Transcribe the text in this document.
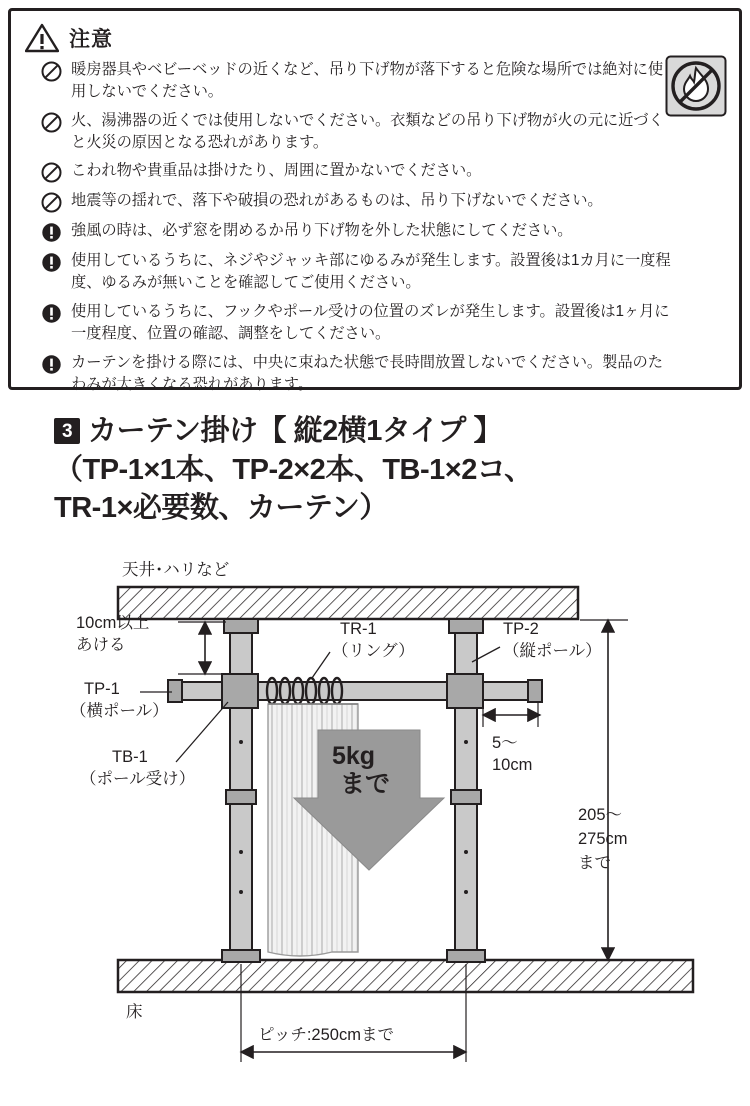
注意
暖房器具やベビーベッドの近くなど、吊り下げ物が落下すると危険な場所では絶対に使用しないでください。
火、湯沸器の近くでは使用しないでください。衣類などの吊り下げ物が火の元に近づくと火災の原因となる恐れがあります。
こわれ物や貴重品は掛けたり、周囲に置かないでください。
地震等の揺れで、落下や破損の恐れがあるものは、吊り下げないでください。
強風の時は、必ず窓を閉めるか吊り下げ物を外した状態にしてください。
使用しているうちに、ネジやジャッキ部にゆるみが発生します。設置後は1カ月に一度程度、ゆるみが無いことを確認してご使用ください。
使用しているうちに、フックやポール受けの位置のズレが発生します。設置後は1ヶ月に一度程度、位置の確認、調整をしてください。
カーテンを掛ける際には、中央に束ねた状態で長時間放置しないでください。製品のたわみが大きくなる恐れがあります。
3 カーテン掛け【 縦2横1タイプ 】
（TP-1×1本、TP-2×2本、TB-1×2コ、
TR-1×必要数、カーテン）
天井･ハリなど
床
5kg
まで
10cm以上
あける
TP-1
（横ポール）
TB-1
（ポール受け）
TR-1
（リング）
TP-2
（縦ポール）
5～
10cm
205～
275cm
まで
ピッチ:250cmまで
